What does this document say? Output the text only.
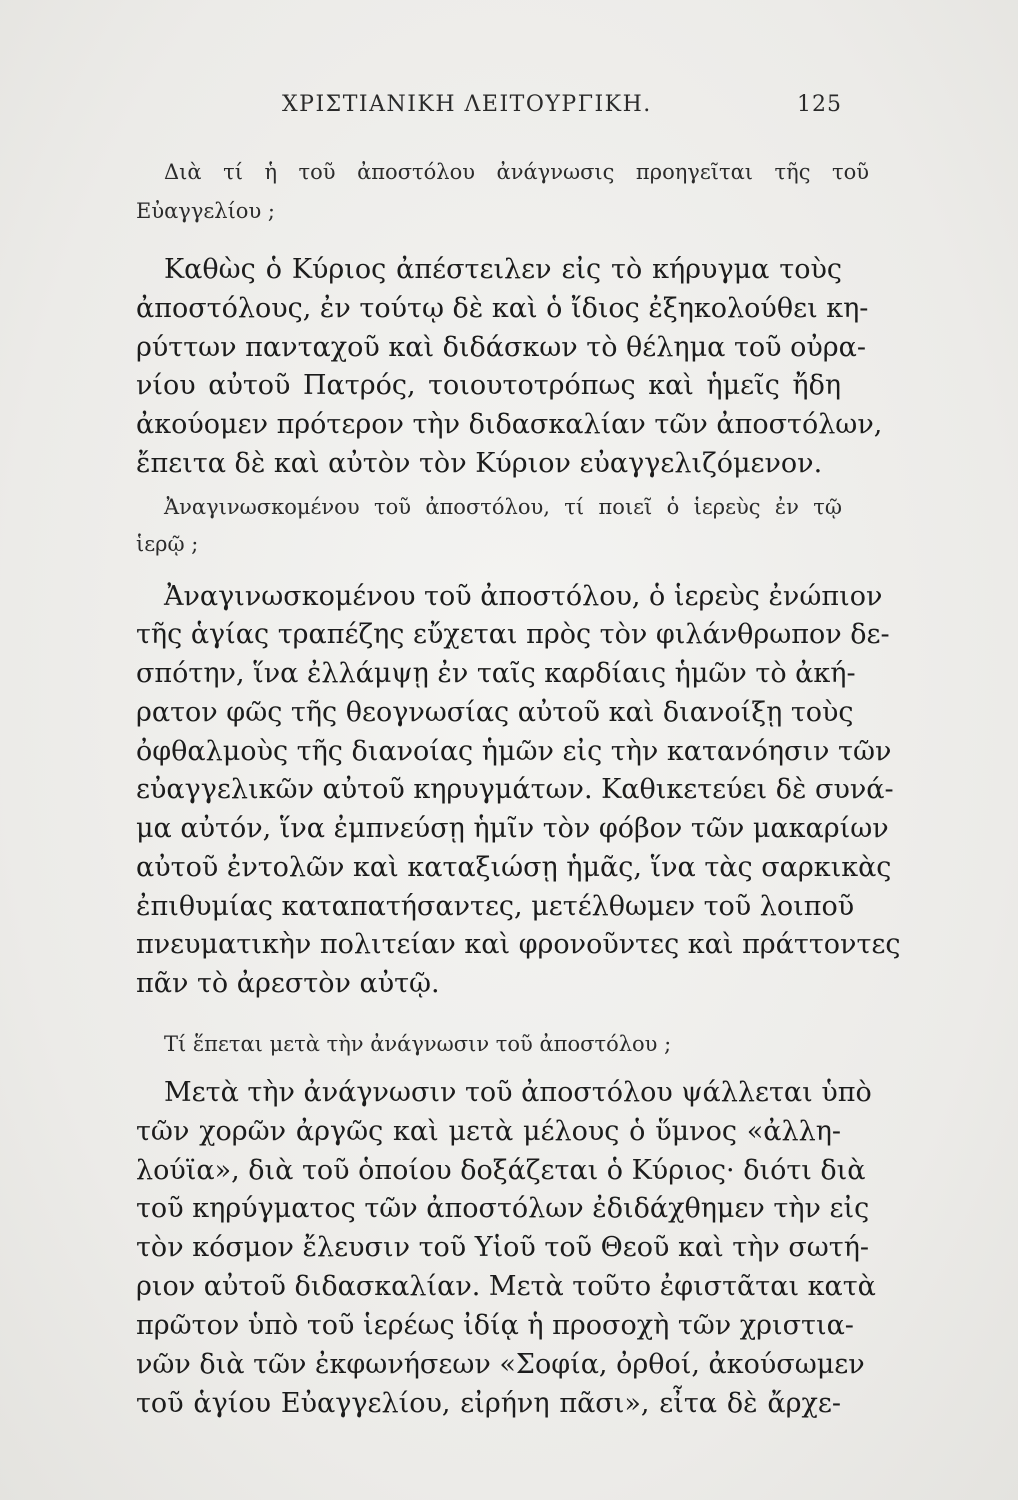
ΧΡΙΣΤΙΑΝΙΚΗ ΛΕΙΤΟΥΡΓΙΚΗ.	125

Διὰ τί ἡ τοῦ ἀποστόλου ἀνάγνωσις προηγεῖται τῆς τοῦ

Εὐαγγελίου ;

Καθὼς ὁ Κύριος ἀπέστειλεν εἰς τὸ κήρυγμα τοὺς

ἀποστόλους, ἐν τούτῳ δὲ καὶ ὁ ἴδιος ἐξηκολούθει κη-

ρύττων πανταχοῦ καὶ διδάσκων τὸ θέλημα τοῦ οὐρα-

νίου αὐτοῦ Πατρός, τοιουτοτρόπως καὶ ἡμεῖς ἤδη

ἀκούομεν πρότερον τὴν διδασκαλίαν τῶν ἀποστόλων,

ἔπειτα δὲ καὶ αὐτὸν τὸν Κύριον εὐαγγελιζόμενον.

Ἀναγινωσκομένου τοῦ ἀποστόλου, τί ποιεῖ ὁ ἱερεὺς ἐν τῷ

ἱερῷ ;

Ἀναγινωσκομένου τοῦ ἀποστόλου, ὁ ἱερεὺς ἐνώπιον

τῆς ἁγίας τραπέζης εὔχεται πρὸς τὸν φιλάνθρωπον δε-

σπότην, ἵνα ἐλλάμψῃ ἐν ταῖς καρδίαις ἡμῶν τὸ ἀκή-

ρατον φῶς τῆς θεογνωσίας αὐτοῦ καὶ διανοίξῃ τοὺς

ὀφθαλμοὺς τῆς διανοίας ἡμῶν εἰς τὴν κατανόησιν τῶν

εὐαγγελικῶν αὐτοῦ κηρυγμάτων. Καθικετεύει δὲ συνά-

μα αὐτόν, ἵνα ἐμπνεύσῃ ἡμῖν τὸν φόβον τῶν μακαρίων

αὐτοῦ ἐντολῶν καὶ καταξιώσῃ ἡμᾶς, ἵνα τὰς σαρκικὰς

ἐπιθυμίας καταπατήσαντες, μετέλθωμεν τοῦ λοιποῦ

πνευματικὴν πολιτείαν καὶ φρονοῦντες καὶ πράττοντες

πᾶν τὸ ἀρεστὸν αὐτῷ.

Τί ἕπεται μετὰ τὴν ἀνάγνωσιν τοῦ ἀποστόλου ;

Μετὰ τὴν ἀνάγνωσιν τοῦ ἀποστόλου ψάλλεται ὑπὸ

τῶν χορῶν ἀργῶς καὶ μετὰ μέλους ὁ ὕμνος «ἀλλη-

λούϊα», διὰ τοῦ ὁποίου δοξάζεται ὁ Κύριος· διότι διὰ

τοῦ κηρύγματος τῶν ἀποστόλων ἐδιδάχθημεν τὴν εἰς

τὸν κόσμον ἔλευσιν τοῦ Υἱοῦ τοῦ Θεοῦ καὶ τὴν σωτή-

ριον αὐτοῦ διδασκαλίαν. Μετὰ τοῦτο ἐφιστᾶται κατὰ

πρῶτον ὑπὸ τοῦ ἱερέως ἰδίᾳ ἡ προσοχὴ τῶν χριστια-

νῶν διὰ τῶν ἐκφωνήσεων «Σοφία, ὀρθοί, ἀκούσωμεν

τοῦ ἁγίου Εὐαγγελίου, εἰρήνη πᾶσι», εἶτα δὲ ἄρχε-
